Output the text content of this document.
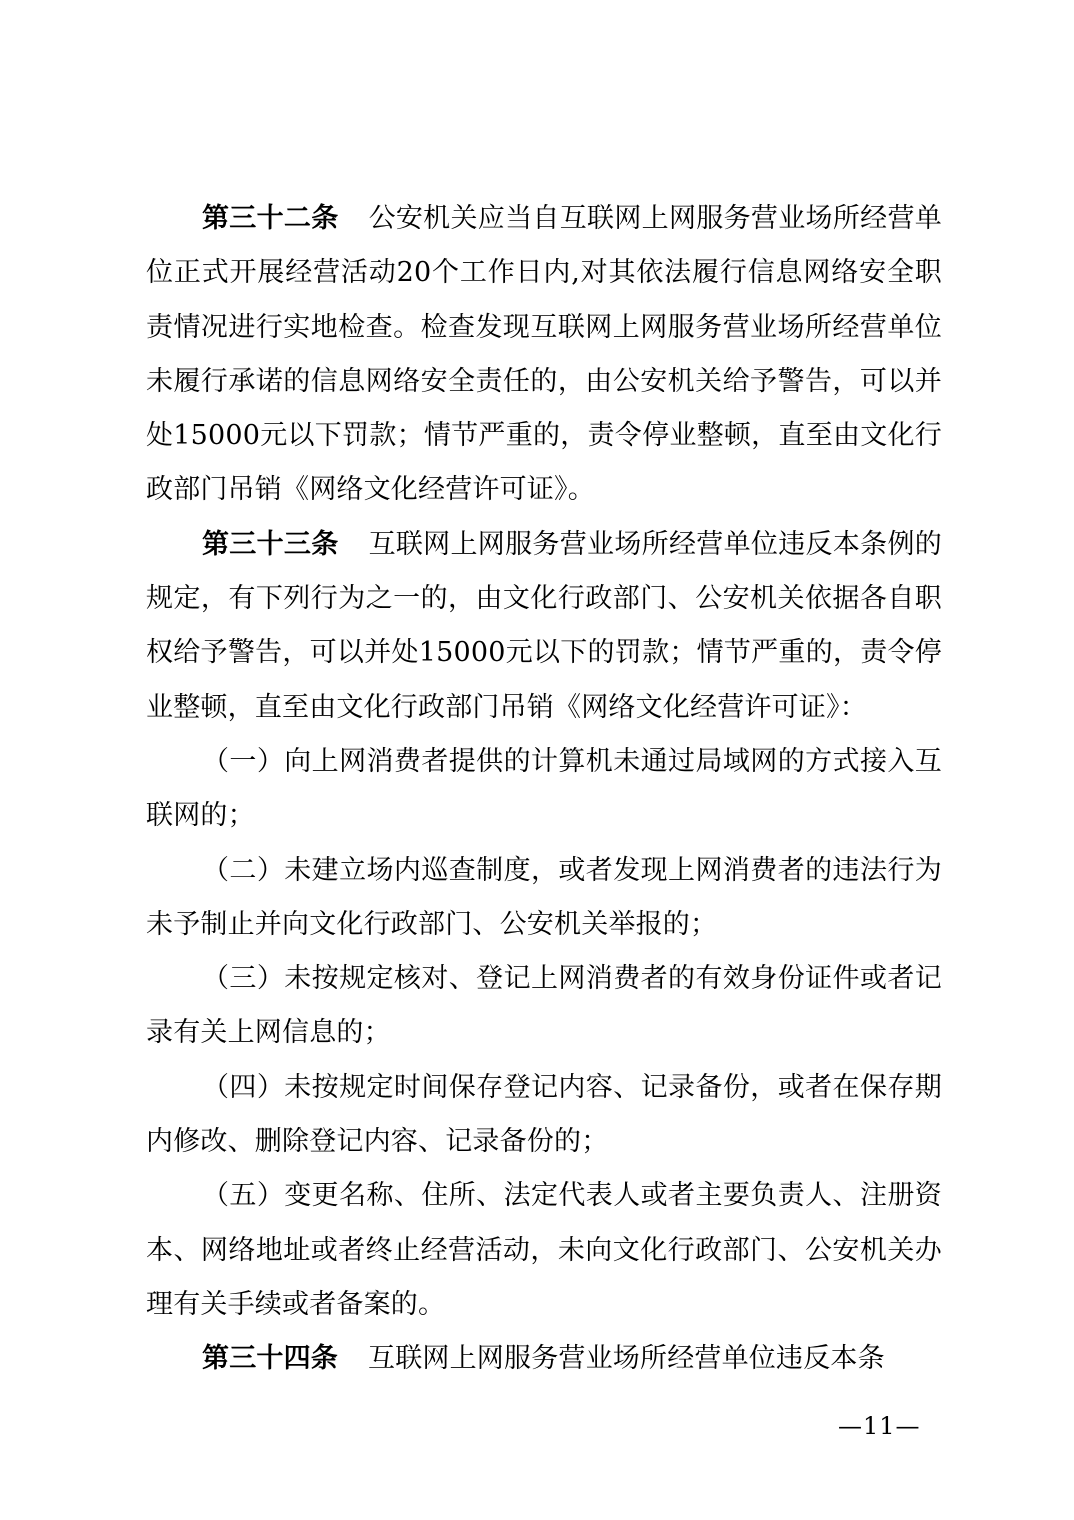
第三十二条 公安机关应当自互联网上网服务营业场所经营单位正式开展经营活动20个工作日内,对其依法履行信息网络安全职责情况进行实地检查。检查发现互联网上网服务营业场所经营单位未履行承诺的信息网络安全责任的，由公安机关给予警告，可以并处15000元以下罚款；情节严重的，责令停业整顿，直至由文化行政部门吊销《网络文化经营许可证》。

第三十三条 互联网上网服务营业场所经营单位违反本条例的规定，有下列行为之一的，由文化行政部门、公安机关依据各自职权给予警告，可以并处15000元以下的罚款；情节严重的，责令停业整顿，直至由文化行政部门吊销《网络文化经营许可证》：

（一）向上网消费者提供的计算机未通过局域网的方式接入互联网的；

（二）未建立场内巡查制度，或者发现上网消费者的违法行为未予制止并向文化行政部门、公安机关举报的；

（三）未按规定核对、登记上网消费者的有效身份证件或者记录有关上网信息的；

（四）未按规定时间保存登记内容、记录备份，或者在保存期内修改、删除登记内容、记录备份的；

（五）变更名称、住所、法定代表人或者主要负责人、注册资本、网络地址或者终止经营活动，未向文化行政部门、公安机关办理有关手续或者备案的。

第三十四条 互联网上网服务营业场所经营单位违反本条

—11—
